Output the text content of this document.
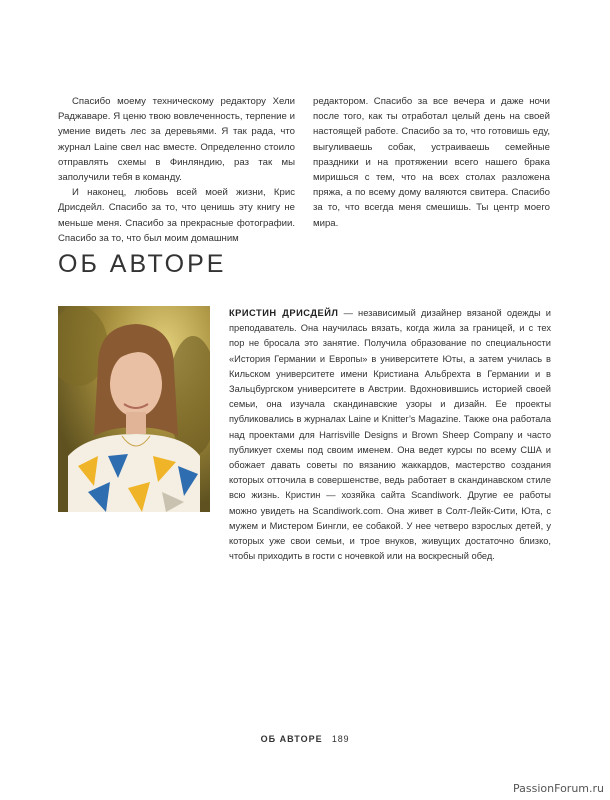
Спасибо моему техническому редактору Хели Раджаваре. Я ценю твою вовлеченность, терпение и умение видеть лес за деревьями. Я так рада, что журнал Laine свел нас вместе. Определенно стоило отправлять схемы в Финляндию, раз так мы заполучили тебя в команду.

И наконец, любовь всей моей жизни, Крис Дрисдейл. Спасибо за то, что ценишь эту книгу не меньше меня. Спасибо за прекрасные фотографии. Спасибо за то, что был моим домашним

редактором. Спасибо за все вечера и даже ночи после того, как ты отработал целый день на своей настоящей работе. Спасибо за то, что готовишь еду, выгуливаешь собак, устраиваешь семейные праздники и на протяжении всего нашего брака миришься с тем, что на всех столах разложена пряжа, а по всему дому валяются свитера. Спасибо за то, что всегда меня смешишь. Ты центр моего мира.

ОБ АВТОРЕ
КРИСТИН ДРИСДЕЙЛ — независимый дизайнер вязаной одежды и преподаватель. Она научилась вязать, когда жила за границей, и с тех пор не бросала это занятие. Получила образование по специальности «История Германии и Европы» в университете Юты, а затем училась в Кильском университете имени Кристиана Альбрехта в Германии и в Зальцбургском университете в Австрии. Вдохновившись историей своей семьи, она изучала скандинавские узоры и дизайн. Ее проекты публиковались в журналах Laine и Knitter’s Magazine. Также она работала над проектами для Harrisville Designs и Brown Sheep Company и часто публикует схемы под своим именем. Она ведет курсы по всему США и обожает давать советы по вязанию жаккардов, мастерство создания которых отточила в совершенстве, ведь работает в скандинавском стиле всю жизнь. Кристин — хозяйка сайта Scandiwork. Другие ее работы можно увидеть на Scandiwork.com. Она живет в Солт-Лейк-Сити, Юта, с мужем и Мистером Бингли, ее собакой. У нее четверо взрослых детей, у которых уже свои семьи, и трое внуков, живущих достаточно близко, чтобы приходить в гости с ночевкой или на воскресный обед.
ОБ АВТОРЕ 189
PassionForum.ru
